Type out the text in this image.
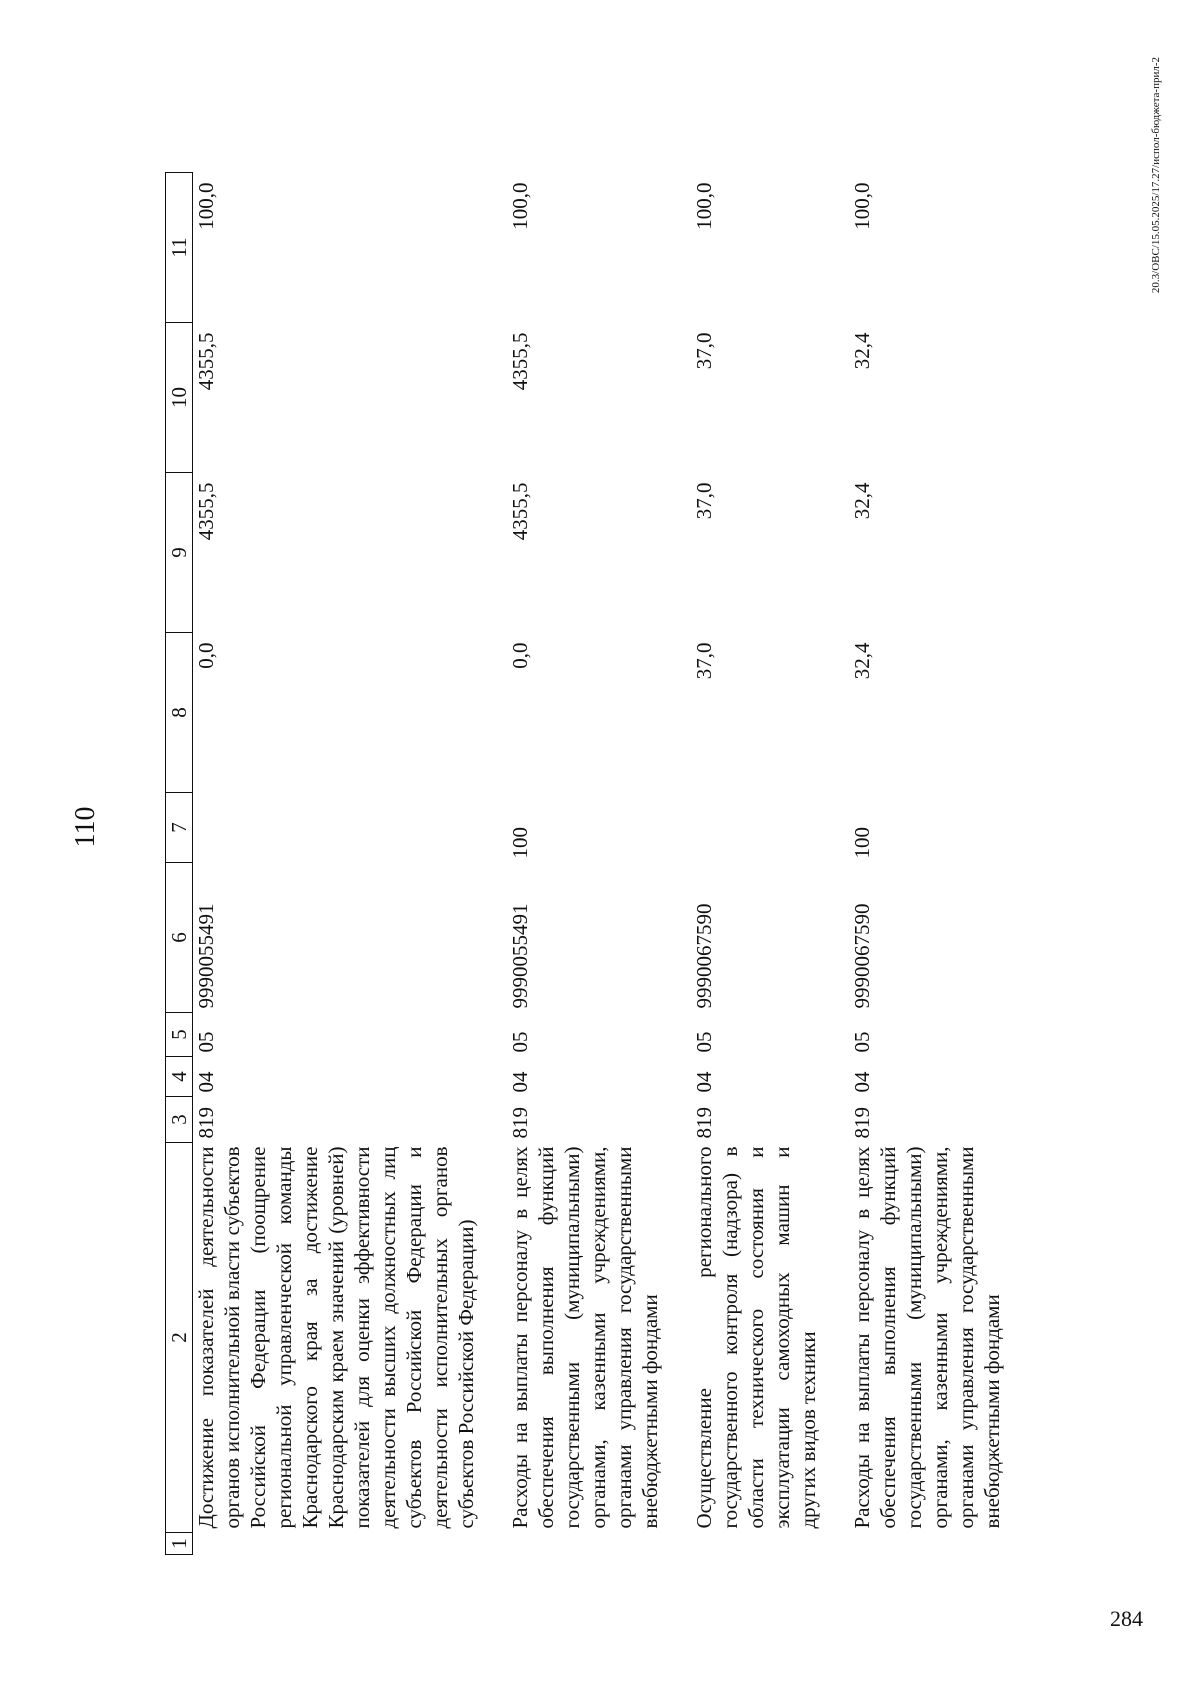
110
1	2	3	4	5	6	7	8	9	10	11
	Достижение показателей деятельности органов исполнительной власти субъектов Российской Федерации (поощрение региональной управленческой команды Краснодарского края за достижение Краснодарским краем значений (уровней) показателей для оценки эффективности деятельности высших должностных лиц субъектов Российской Федерации и деятельности исполнительных органов субъектов Российской Федерации)	819	04	05	9990055491		0,0	4355,5	4355,5	100,0
	Расходы на выплаты персоналу в целях обеспечения выполнения функций государственными (муниципальными) органами, казенными учреждениями, органами управления государственными внебюджетными фондами	819	04	05	9990055491	100	0,0	4355,5	4355,5	100,0
	Осуществление регионального государственного контроля (надзора) в области технического состояния и эксплуатации самоходных машин и других видов техники	819	04	05	9990067590		37,0	37,0	37,0	100,0
	Расходы на выплаты персоналу в целях обеспечения выполнения функций государственными (муниципальными) органами, казенными учреждениями, органами управления государственными внебюджетными фондами	819	04	05	9990067590	100	32,4	32,4	32,4	100,0	20.3/ОВС/15.05.2025/17.27/испол-бюджета-прил-2
284
